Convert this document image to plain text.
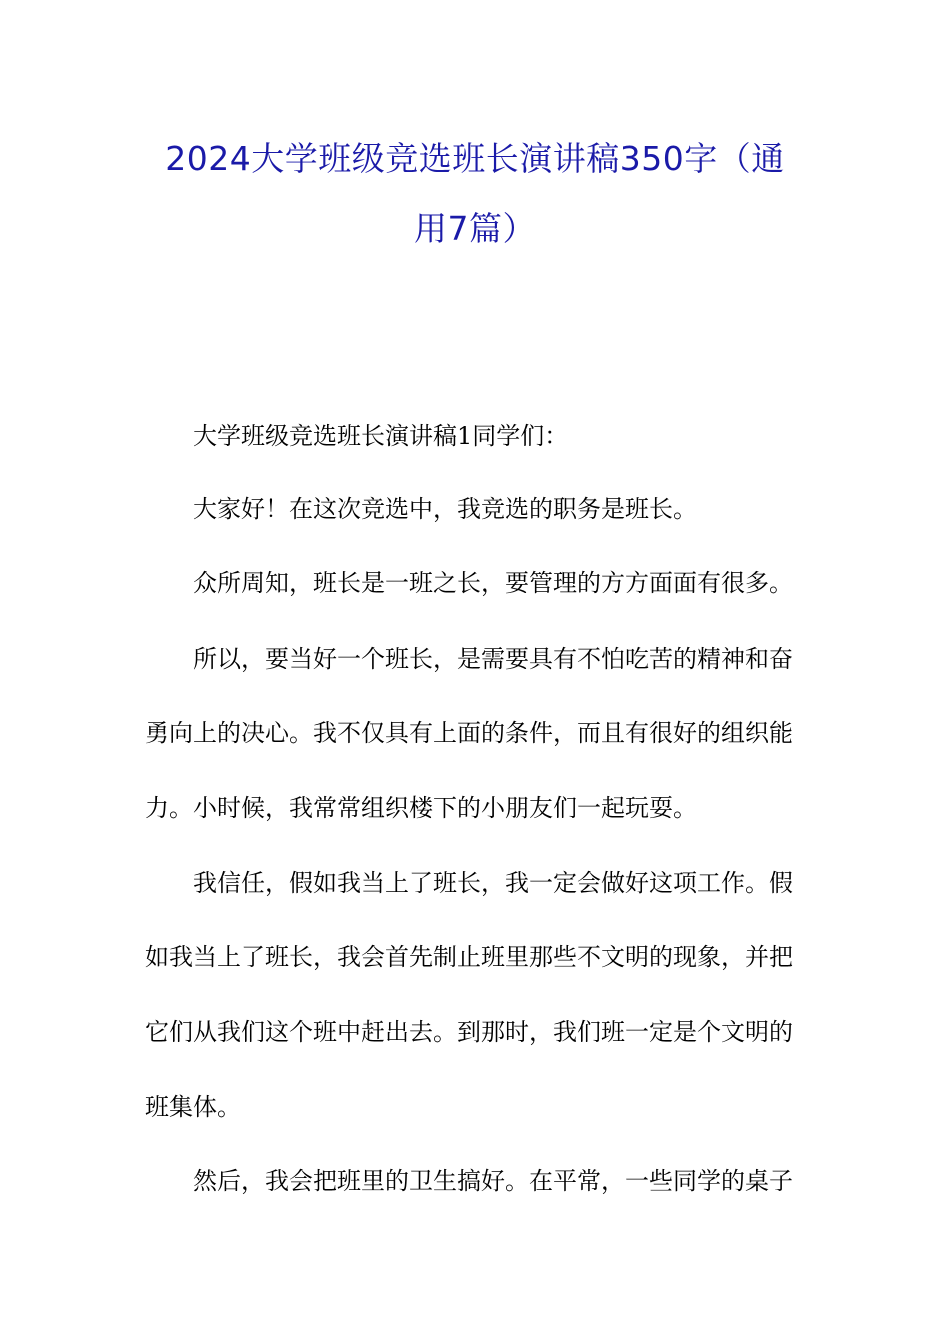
2024大学班级竞选班长演讲稿350字（通
用7篇）
大学班级竞选班长演讲稿1同学们：
大家好！在这次竞选中，我竞选的职务是班长。
众所周知，班长是一班之长，要管理的方方面面有很多。
所以，要当好一个班长，是需要具有不怕吃苦的精神和奋
勇向上的决心。我不仅具有上面的条件，而且有很好的组织能
力。小时候，我常常组织楼下的小朋友们一起玩耍。
我信任，假如我当上了班长，我一定会做好这项工作。假
如我当上了班长，我会首先制止班里那些不文明的现象，并把
它们从我们这个班中赶出去。到那时，我们班一定是个文明的
班集体。
然后，我会把班里的卫生搞好。在平常，一些同学的桌子
